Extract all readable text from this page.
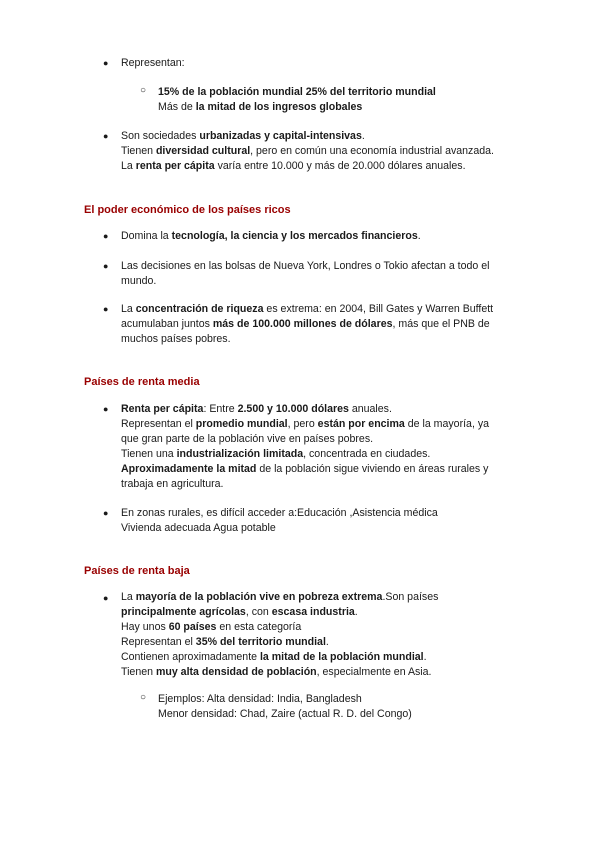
● Representan:
○ 15% de la población mundial 25% del territorio mundial
Más de la mitad de los ingresos globales
● Son sociedades urbanizadas y capital-intensivas.
Tienen diversidad cultural, pero en común una economía industrial avanzada.
La renta per cápita varía entre 10.000 y más de 20.000 dólares anuales.
El poder económico de los países ricos
● Domina la tecnología, la ciencia y los mercados financieros.
● Las decisiones en las bolsas de Nueva York, Londres o Tokio afectan a todo el
mundo.
● La concentración de riqueza es extrema: en 2004, Bill Gates y Warren Buffett
acumulaban juntos más de 100.000 millones de dólares, más que el PNB de
muchos países pobres.
Países de renta media
● Renta per cápita: Entre 2.500 y 10.000 dólares anuales.
Representan el promedio mundial, pero están por encima de la mayoría, ya
que gran parte de la población vive en países pobres.
Tienen una industrialización limitada, concentrada en ciudades.
Aproximadamente la mitad de la población sigue viviendo en áreas rurales y
trabaja en agricultura.
● En zonas rurales, es difícil acceder a:Educación ,Asistencia médica
Vivienda adecuada Agua potable
Países de renta baja
● La mayoría de la población vive en pobreza extrema.Son países
principalmente agrícolas, con escasa industria.
Hay unos 60 países en esta categoría
Representan el 35% del territorio mundial.
Contienen aproximadamente la mitad de la población mundial.
Tienen muy alta densidad de población, especialmente en Asia.
○ Ejemplos: Alta densidad: India, Bangladesh
Menor densidad: Chad, Zaire (actual R. D. del Congo)
